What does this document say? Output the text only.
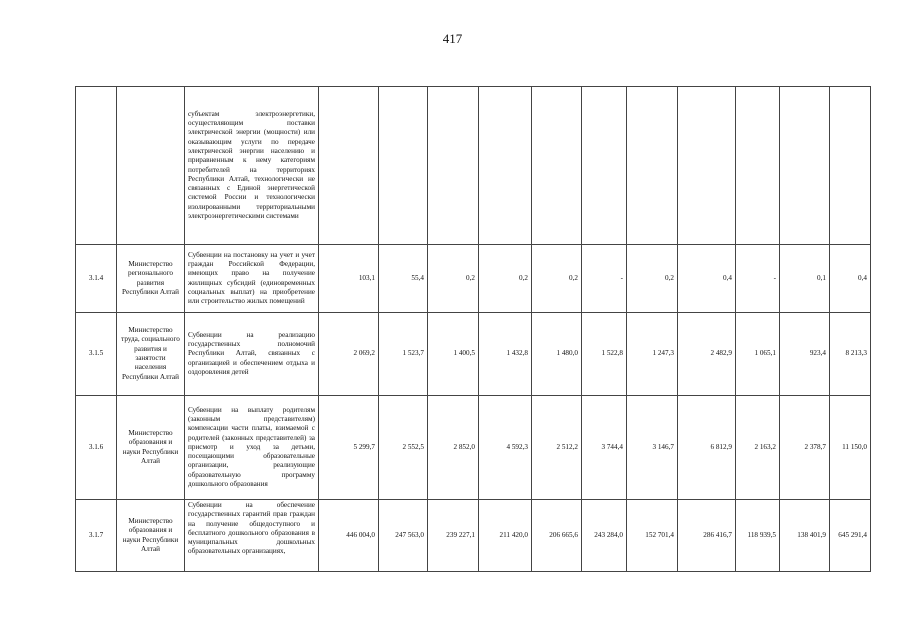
417
		субъектам электроэнергетики, осуществляющим поставки электрической энергии (мощности) или оказывающим услуги по передаче электрической энергии населению и приравненным к нему категориям потребителей на территориях Республики Алтай, технологически не связанных с Единой энергетической системой России и технологически изолированными территориальными электроэнергетическими системами											
3.1.4	Министерство регионального развития Республики Алтай	Субвенции на постановку на учет и учет граждан Российской Федерации, имеющих право на получение жилищных субсидий (единовременных социальных выплат) на приобретение или строительство жилых помещений	103,1	55,4	0,2	0,2	0,2	-	0,2	0,4	-	0,1	0,4
3.1.5	Министерство труда, социального развития и занятости населения Республики Алтай	Субвенции на реализацию государственных полномочий Республики Алтай, связанных с организацией и обеспечением отдыха и оздоровления детей	2 069,2	1 523,7	1 400,5	1 432,8	1 480,0	1 522,8	1 247,3	2 482,9	1 065,1	923,4	8 213,3
3.1.6	Министерство образования и науки Республики Алтай	Субвенции на выплату родителям (законным представителям) компенсации части платы, взимаемой с родителей (законных представителей) за присмотр и уход за детьми, посещающими образовательные организации, реализующие образовательную программу дошкольного образования	5 299,7	2 552,5	2 852,0	4 592,3	2 512,2	3 744,4	3 146,7	6 812,9	2 163,2	2 378,7	11 150,0
3.1.7	Министерство образования и науки Республики Алтай	Субвенции на обеспечение государственных гарантий прав граждан на получение общедоступного и бесплатного дошкольного образования в муниципальных дошкольных образовательных организациях,	446 004,0	247 563,0	239 227,1	211 420,0	206 665,6	243 284,0	152 701,4	286 416,7	118 939,5	138 401,9	645 291,4
